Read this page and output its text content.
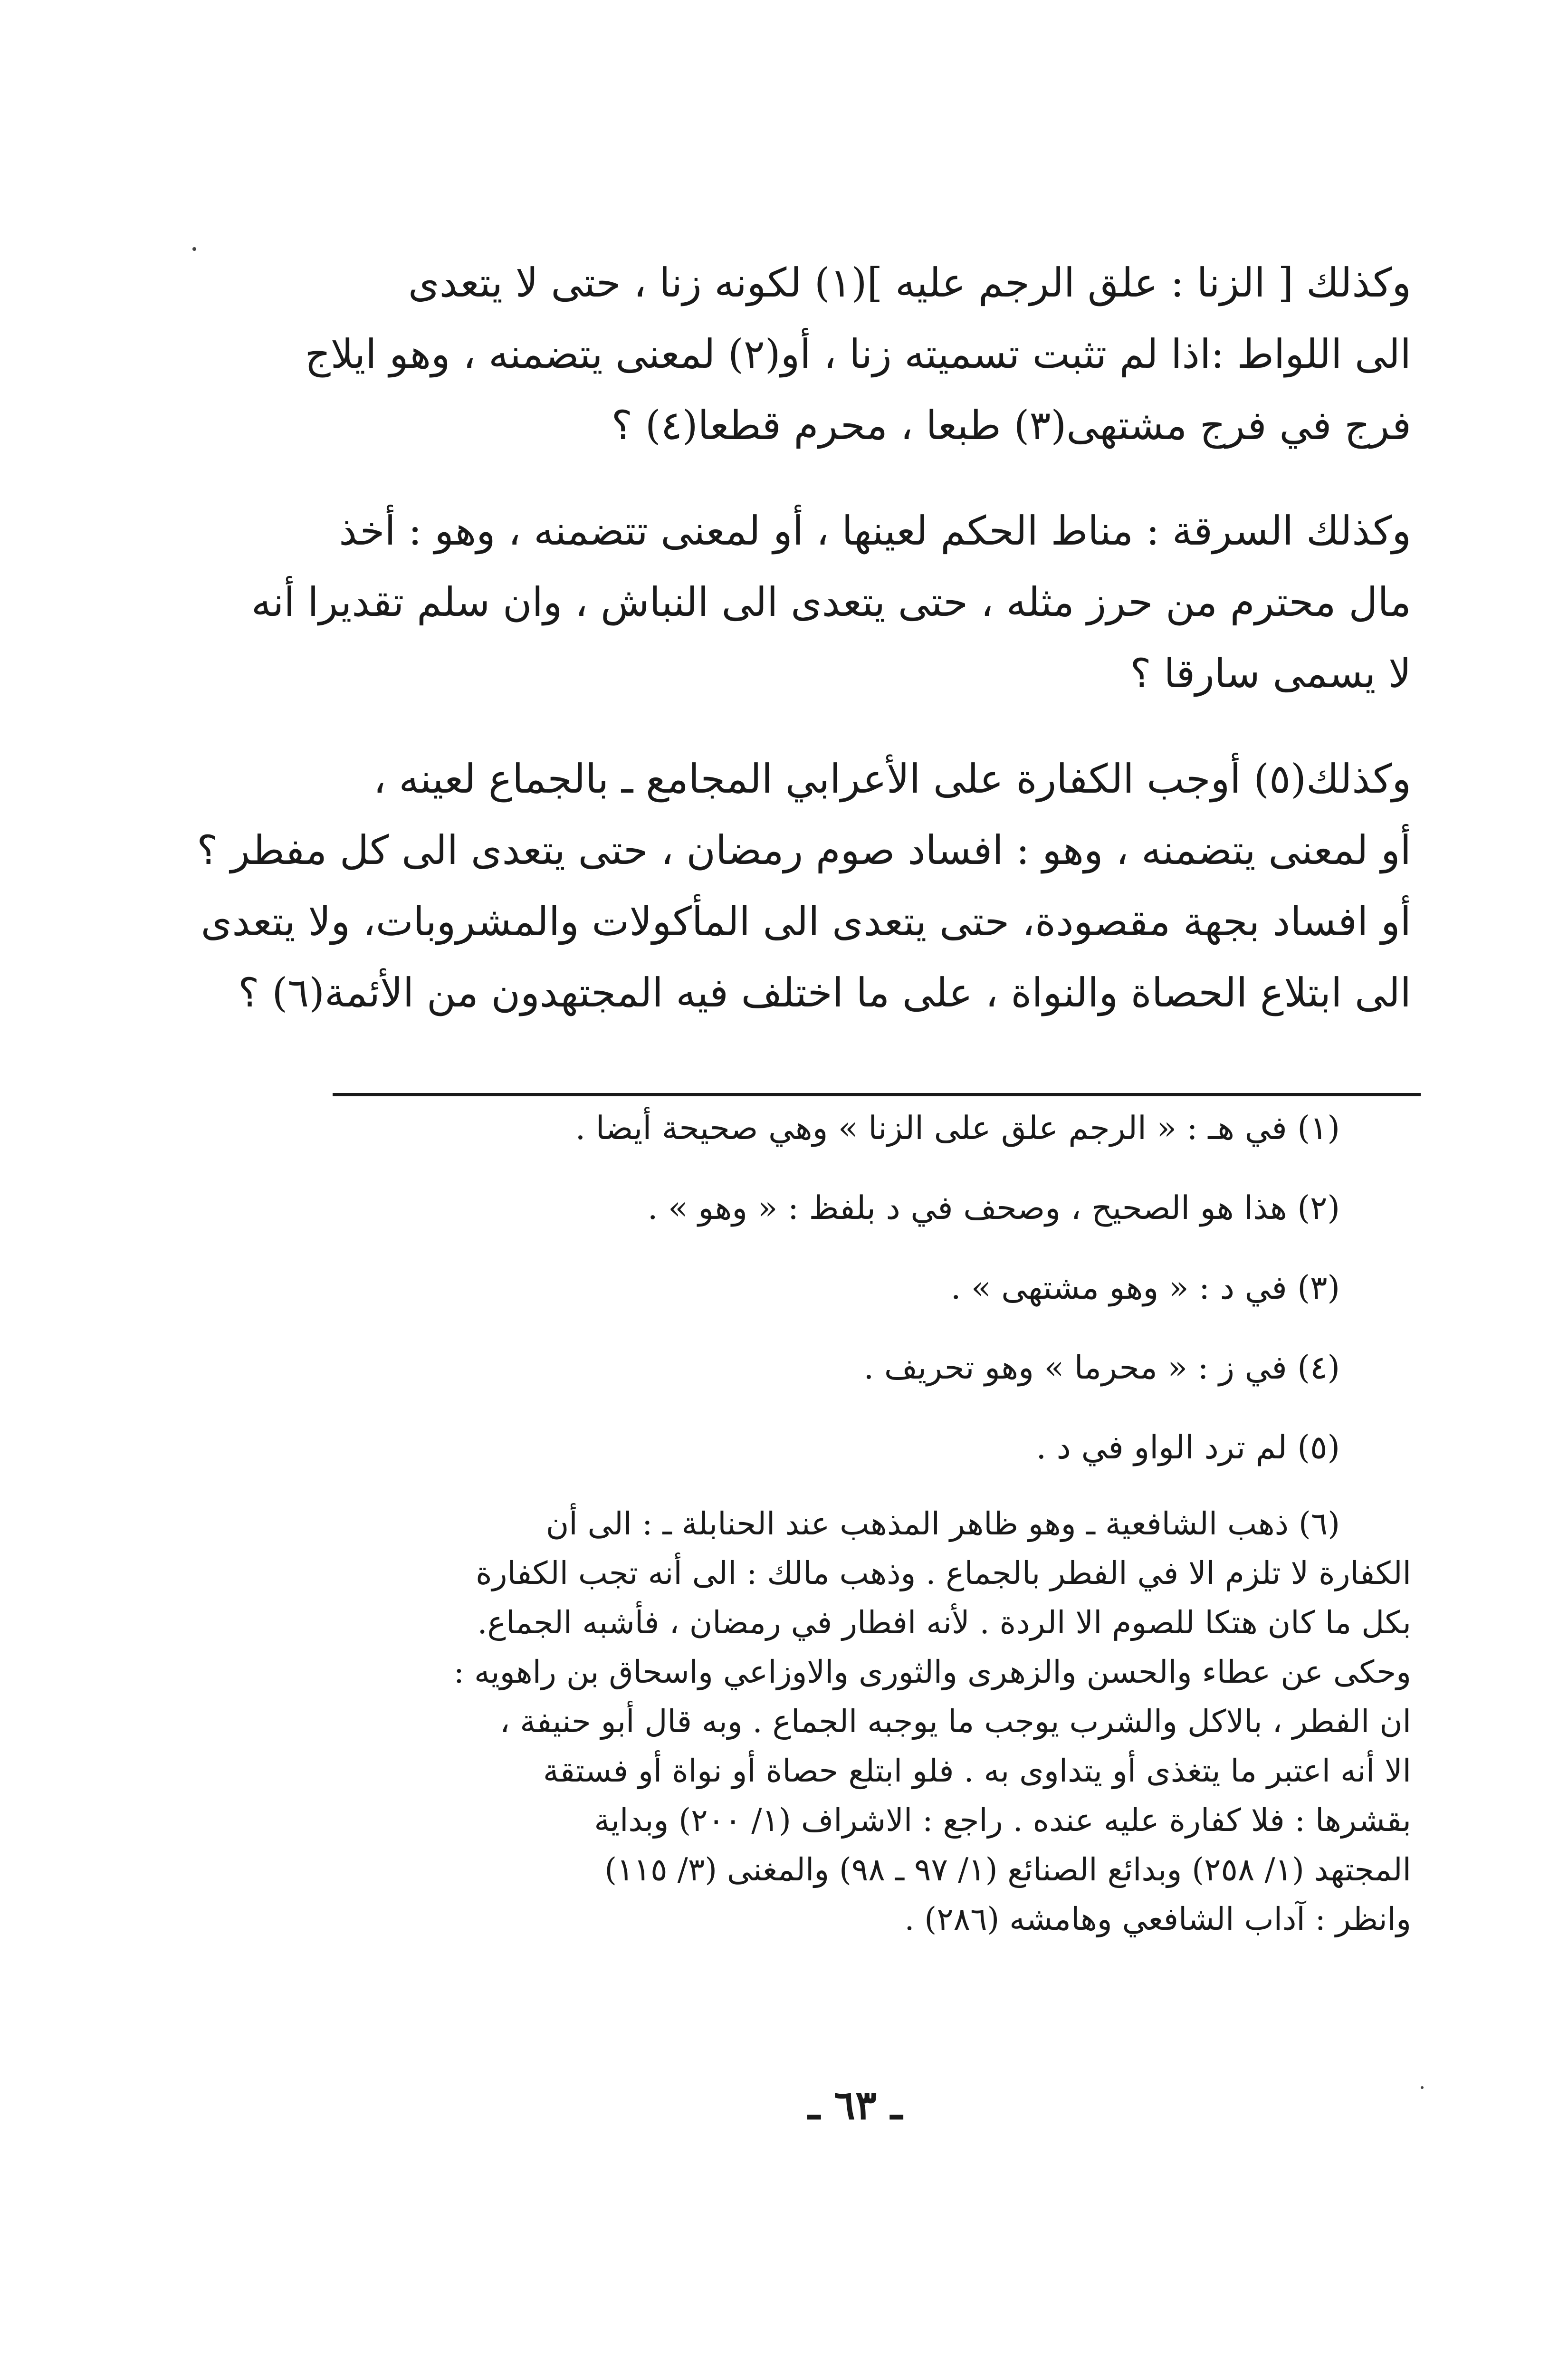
وكذلك [ الزنا : علق الرجم عليه ](١) لكونه زنا ، حتى لا يتعدى
الى اللواط :اذا لم تثبت تسميته زنا ، أو(٢) لمعنى يتضمنه ، وهو ايلاج
فرج في فرج مشتهى(٣) طبعا ، محرم قطعا(٤) ؟

وكذلك السرقة : مناط الحكم لعينها ، أو لمعنى تتضمنه ، وهو : أخذ
مال محترم من حرز مثله ، حتى يتعدى الى النباش ، وان سلم تقديرا أنه
لا يسمى سارقا ؟

وكذلك(٥) أوجب الكفارة على الأعرابي المجامع ـ بالجماع لعينه ،
أو لمعنى يتضمنه ، وهو : افساد صوم رمضان ، حتى يتعدى الى كل مفطر ؟
أو افساد بجهة مقصودة، حتى يتعدى الى المأكولات والمشروبات، ولا يتعدى
الى ابتلاع الحصاة والنواة ، على ما اختلف فيه المجتهدون من الأئمة(٦) ؟

(١) في هـ : « الرجم علق على الزنا » وهي صحيحة أيضا .

(٢) هذا هو الصحيح ، وصحف في د بلفظ : « وهو » .

(٣) في د : « وهو مشتهى » .

(٤) في ز : « محرما » وهو تحريف .

(٥) لم ترد الواو في د .

(٦) ذهب الشافعية ـ وهو ظاهر المذهب عند الحنابلة ـ : الى أن
الكفارة لا تلزم الا في الفطر بالجماع . وذهب مالك : الى أنه تجب الكفارة
بكل ما كان هتكا للصوم الا الردة . لأنه افطار في رمضان ، فأشبه الجماع.
وحكى عن عطاء والحسن والزهرى والثورى والاوزاعي واسحاق بن راهويه :
ان الفطر ، بالاكل والشرب يوجب ما يوجبه الجماع . وبه قال أبو حنيفة ،
الا أنه اعتبر ما يتغذى أو يتداوى به . فلو ابتلع حصاة أو نواة أو فستقة
بقشرها : فلا كفارة عليه عنده . راجع : الاشراف (١/ ٢٠٠) وبداية
المجتهد (١/ ٢٥٨) وبدائع الصنائع (١/ ٩٧ ـ ٩٨) والمغنى (٣/ ١١٥)
وانظر : آداب الشافعي وهامشه (٢٨٦) .

ـ ٦٣ ـ
